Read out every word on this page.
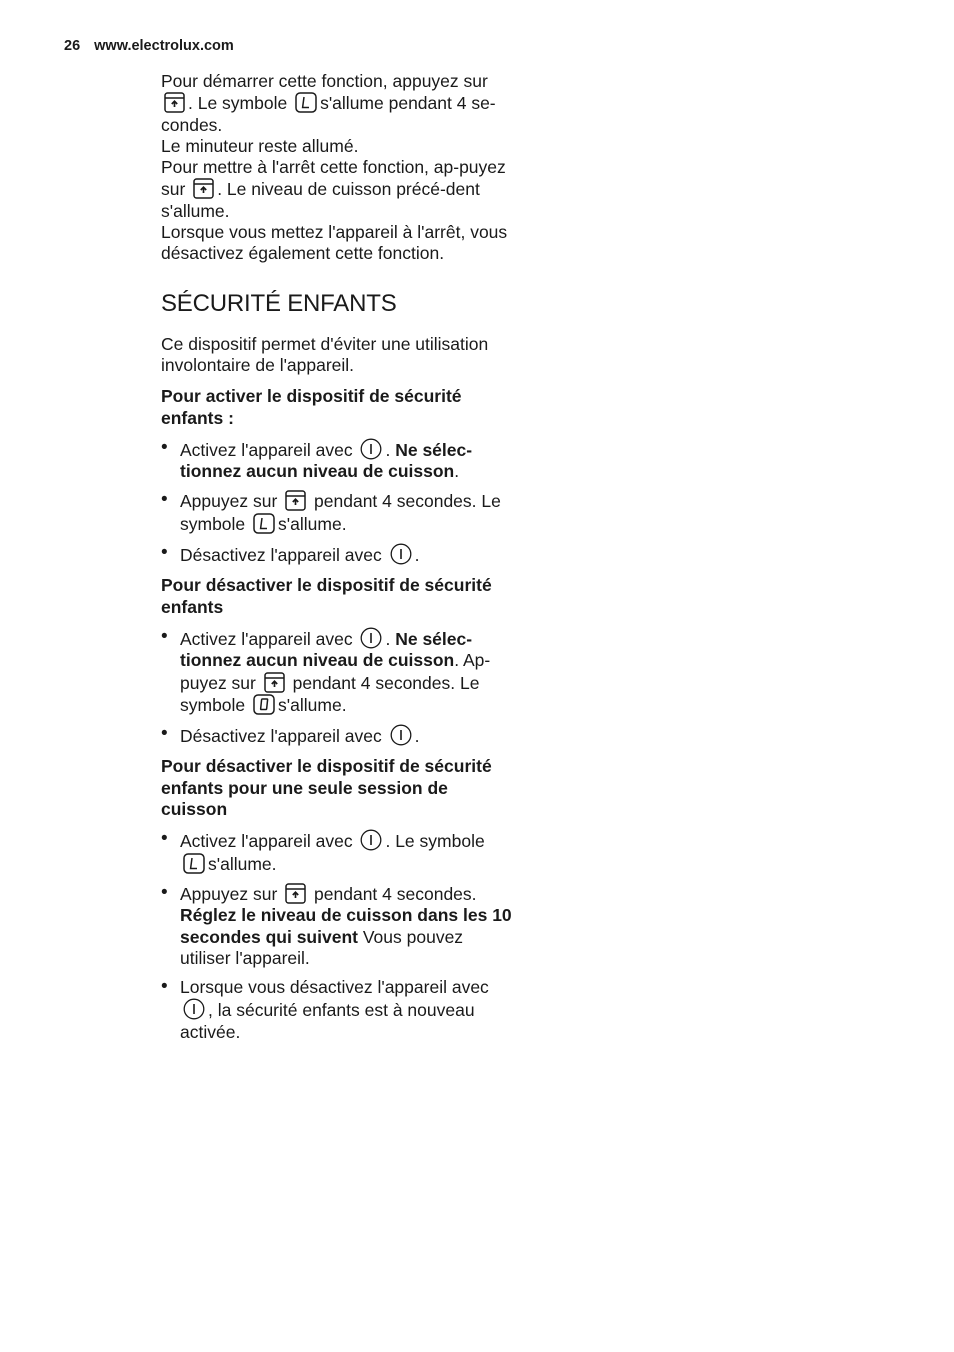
26 www.electrolux.com

Pour démarrer cette fonction, appuyez sur

. Le symbole s'allume pendant 4 se-condes.

Le minuteur reste allumé.

Pour mettre à l'arrêt cette fonction, ap-puyez sur . Le niveau de cuisson précé-dent s'allume.

Lorsque vous mettez l'appareil à l'arrêt, vous désactivez également cette fonction.

SÉCURITÉ ENFANTS

Ce dispositif permet d'éviter une utilisation involontaire de l'appareil.

Pour activer le dispositif de sécurité enfants :

• Activez l'appareil avec . Ne sélec-tionnez aucun niveau de cuisson.
• Appuyez sur pendant 4 secondes. Le symbole s'allume.
• Désactivez l'appareil avec .

Pour désactiver le dispositif de sécurité enfants

• Activez l'appareil avec . Ne sélec-tionnez aucun niveau de cuisson. Ap-puyez sur pendant 4 secondes. Le symbole s'allume.
• Désactivez l'appareil avec .

Pour désactiver le dispositif de sécurité enfants pour une seule session de cuisson

• Activez l'appareil avec . Le symbole
s'allume.
• Appuyez sur pendant 4 secondes. Réglez le niveau de cuisson dans les 10 secondes qui suivent Vous pouvez utiliser l'appareil.
• Lorsque vous désactivez l'appareil avec
, la sécurité enfants est à nouveau activée.
